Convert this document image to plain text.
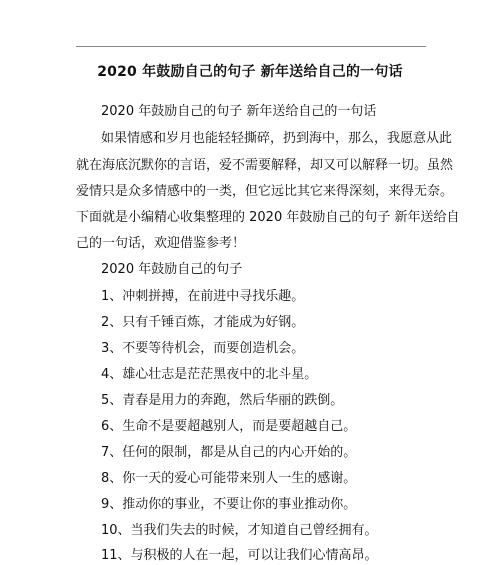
2020 年鼓励自己的句子 新年送给自己的一句话
2020 年鼓励自己的句子 新年送给自己的一句话
如果情感和岁月也能轻轻撕碎，扔到海中，那么，我愿意从此
就在海底沉默你的言语，爱不需要解释，却又可以解释一切。虽然
爱情只是众多情感中的一类，但它远比其它来得深刻，来得无奈。
下面就是小编精心收集整理的 2020 年鼓励自己的句子 新年送给自
己的一句话，欢迎借鉴参考！
2020 年鼓励自己的句子
1、冲刺拼搏，在前进中寻找乐趣。
2、只有千锤百炼，才能成为好钢。
3、不要等待机会，而要创造机会。
4、雄心壮志是茫茫黑夜中的北斗星。
5、青春是用力的奔跑，然后华丽的跌倒。
6、生命不是要超越别人，而是要超越自己。
7、任何的限制，都是从自己的内心开始的。
8、你一天的爱心可能带来别人一生的感谢。
9、推动你的事业，不要让你的事业推动你。
10、当我们失去的时候，才知道自己曾经拥有。
11、与积极的人在一起，可以让我们心情高昂。
